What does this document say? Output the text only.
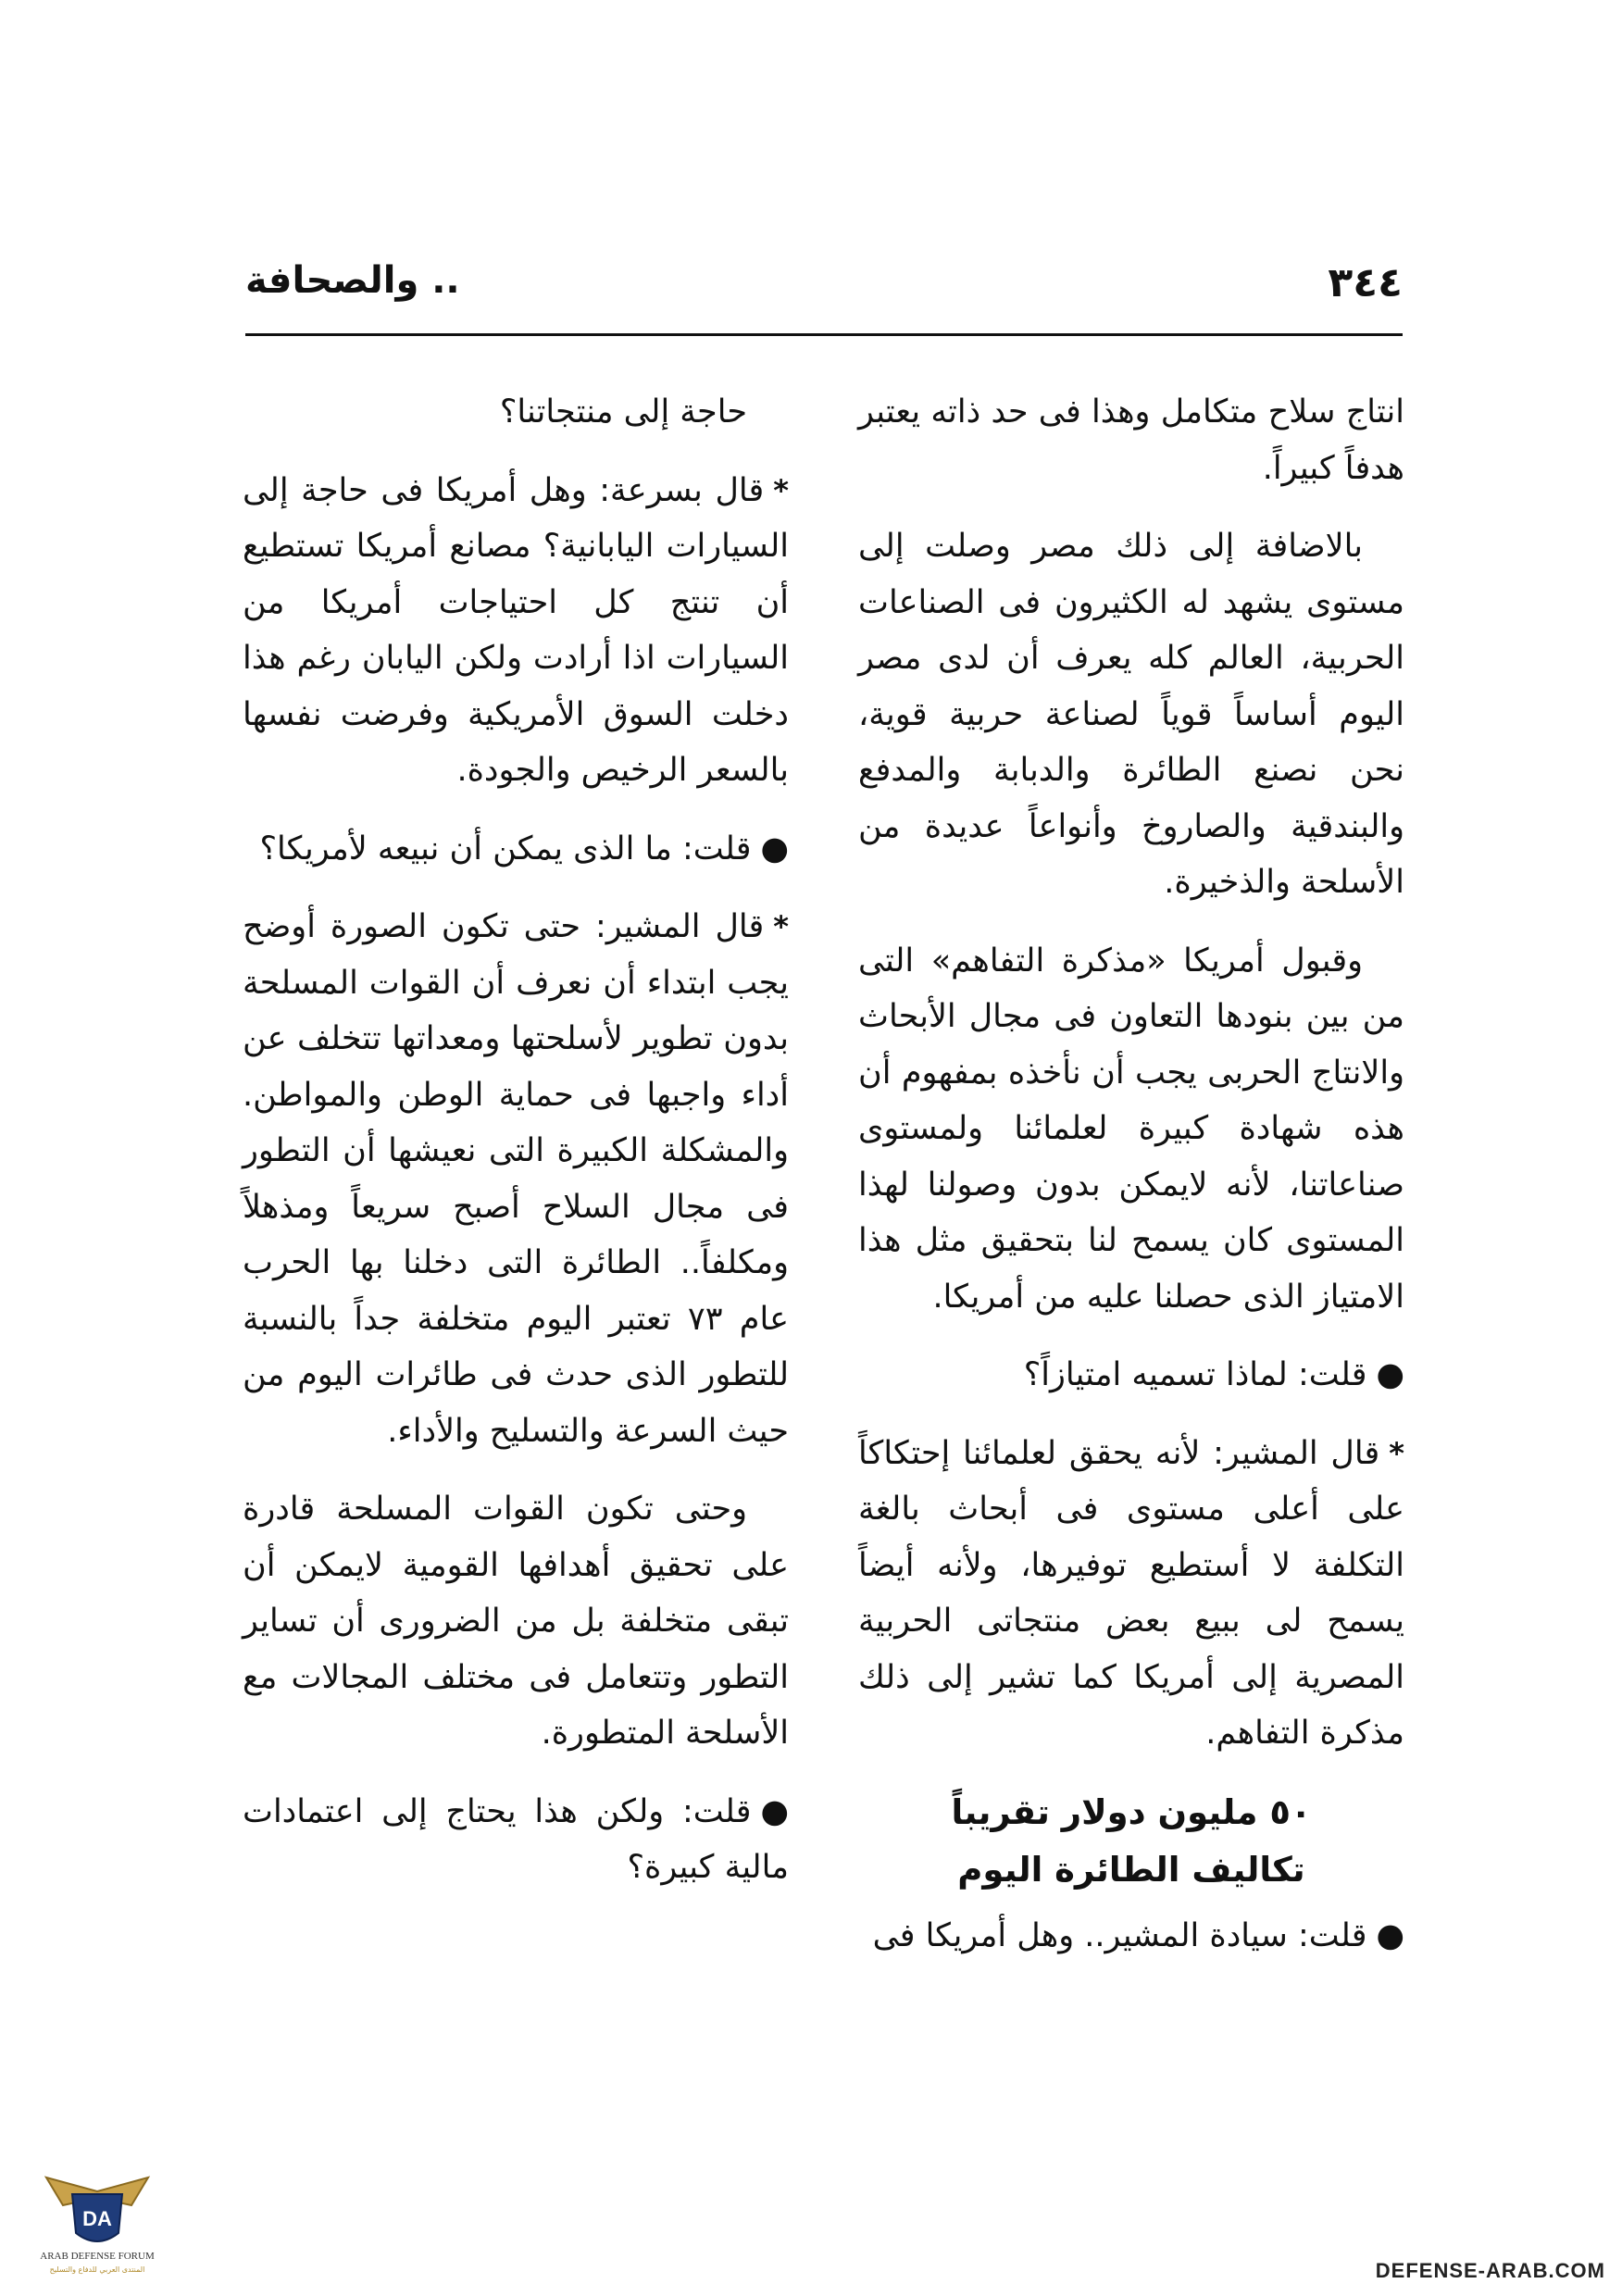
٣٤٤
.. والصحافة

انتاج سلاح متكامل وهذا فى حد ذاته يعتبر هدفاً كبيراً.

بالاضافة إلى ذلك مصر وصلت إلى مستوى يشهد له الكثيرون فى الصناعات الحربية، العالم كله يعرف أن لدى مصر اليوم أساساً قوياً لصناعة حربية قوية، نحن نصنع الطائرة والدبابة والمدفع والبندقية والصاروخ وأنواعاً عديدة من الأسلحة والذخيرة.

وقبول أمريكا «مذكرة التفاهم» التى من بين بنودها التعاون فى مجال الأبحاث والانتاج الحربى يجب أن نأخذه بمفهوم أن هذه شهادة كبيرة لعلمائنا ولمستوى صناعاتنا، لأنه لايمكن بدون وصولنا لهذا المستوى كان يسمح لنا بتحقيق مثل هذا الامتياز الذى حصلنا عليه من أمريكا.

●قلت: لماذا تسميه امتيازاً؟

*قال المشير: لأنه يحقق لعلمائنا إحتكاكاً على أعلى مستوى فى أبحاث بالغة التكلفة لا أستطيع توفيرها، ولأنه أيضاً يسمح لى ببيع بعض منتجاتى الحربية المصرية إلى أمريكا كما تشير إلى ذلك مذكرة التفاهم.

٥٠ مليون دولار تقريباً
تكاليف الطائرة اليوم

●قلت: سيادة المشير.. وهل أمريكا فى

حاجة إلى منتجاتنا؟

*قال بسرعة: وهل أمريكا فى حاجة إلى السيارات اليابانية؟ مصانع أمريكا تستطيع أن تنتج كل احتياجات أمريكا من السيارات اذا أرادت ولكن اليابان رغم هذا دخلت السوق الأمريكية وفرضت نفسها بالسعر الرخيص والجودة.

●قلت: ما الذى يمكن أن نبيعه لأمريكا؟

*قال المشير: حتى تكون الصورة أوضح يجب ابتداء أن نعرف أن القوات المسلحة بدون تطوير لأسلحتها ومعداتها تتخلف عن أداء واجبها فى حماية الوطن والمواطن. والمشكلة الكبيرة التى نعيشها أن التطور فى مجال السلاح أصبح سريعاً ومذهلاً ومكلفاً.. الطائرة التى دخلنا بها الحرب عام ٧٣ تعتبر اليوم متخلفة جداً بالنسبة للتطور الذى حدث فى طائرات اليوم من حيث السرعة والتسليح والأداء.

وحتى تكون القوات المسلحة قادرة على تحقيق أهدافها القومية لايمكن أن تبقى متخلفة بل من الضرورى أن تساير التطور وتتعامل فى مختلف المجالات مع الأسلحة المتطورة.

●قلت: ولكن هذا يحتاج إلى اعتمادات مالية كبيرة؟

DA
ARAB DEFENSE FORUM
المنتدى العربي للدفاع والتسليح	DEFENSE-ARAB.COM
